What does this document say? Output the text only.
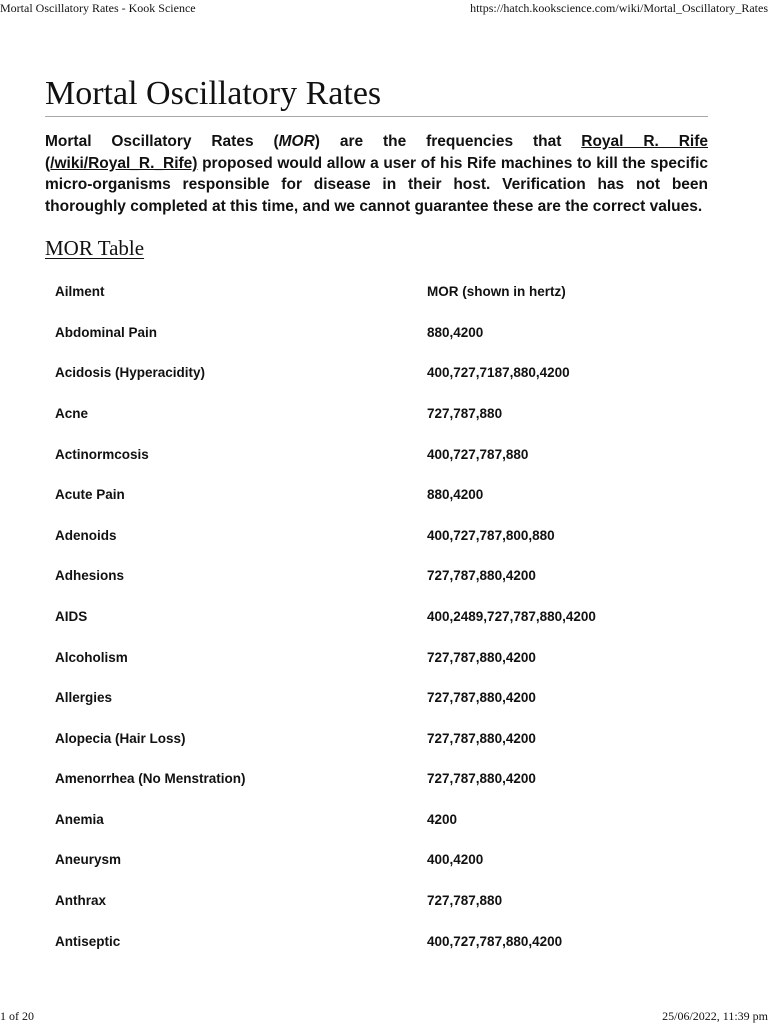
Mortal Oscillatory Rates - Kook Science	https://hatch.kookscience.com/wiki/Mortal_Oscillatory_Rates
Mortal Oscillatory Rates

Mortal Oscillatory Rates (MOR) are the frequencies that Royal R. Rife (/wiki/Royal_R._Rife) proposed would allow a user of his Rife machines to kill the specific micro-organisms responsible for disease in their host. Verification has not been thoroughly completed at this time, and we cannot guarantee these are the correct values.

MOR Table
Ailment	MOR (shown in hertz)
Abdominal Pain	880,4200
Acidosis (Hyperacidity)	400,727,7187,880,4200
Acne	727,787,880
Actinormcosis	400,727,787,880
Acute Pain	880,4200
Adenoids	400,727,787,800,880
Adhesions	727,787,880,4200
AIDS	400,2489,727,787,880,4200
Alcoholism	727,787,880,4200
Allergies	727,787,880,4200
Alopecia (Hair Loss)	727,787,880,4200
Amenorrhea (No Menstration)	727,787,880,4200
Anemia	4200
Aneurysm	400,4200
Anthrax	727,787,880
Antiseptic	400,727,787,880,4200
1 of 20	25/06/2022, 11:39 pm
